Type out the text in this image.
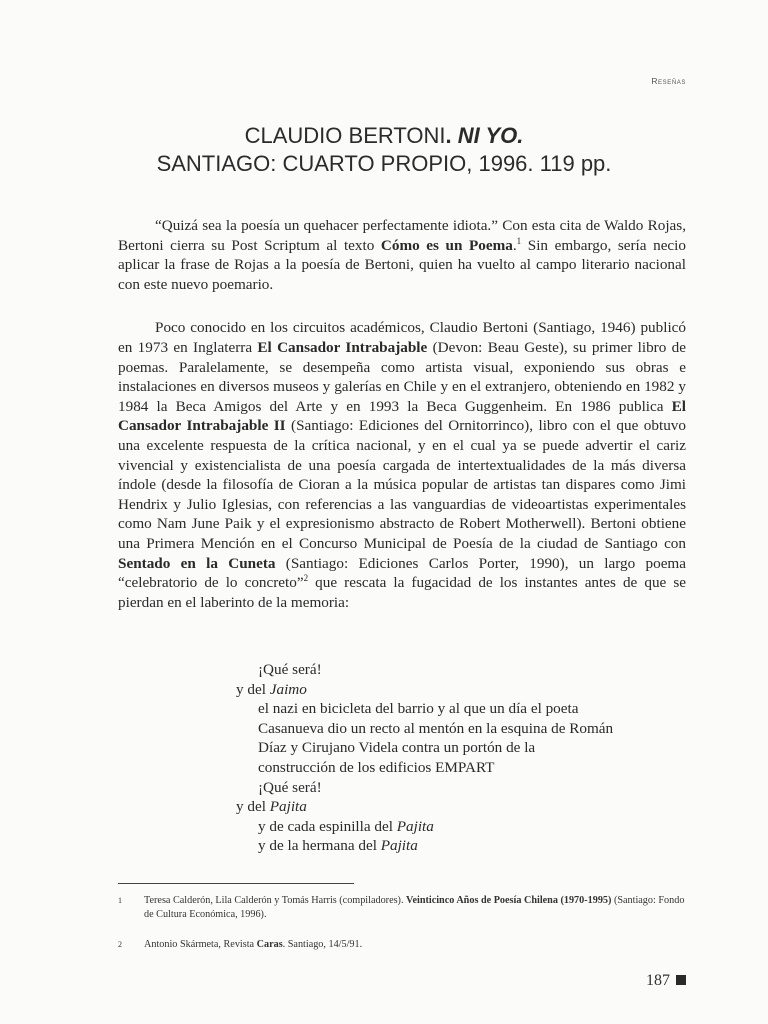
Reseñas
CLAUDIO BERTONI. NI YO.
SANTIAGO: CUARTO PROPIO, 1996. 119 pp.

“Quizá sea la poesía un quehacer perfectamente idiota.” Con esta cita de Waldo Rojas, Bertoni cierra su Post Scriptum al texto Cómo es un Poema.$^1$ Sin embargo, sería necio aplicar la frase de Rojas a la poesía de Bertoni, quien ha vuelto al campo literario nacional con este nuevo poemario.

Poco conocido en los circuitos académicos, Claudio Bertoni (Santiago, 1946) publicó en 1973 en Inglaterra El Cansador Intrabajable (Devon: Beau Geste), su primer libro de poemas. Paralelamente, se desempeña como artista visual, exponiendo sus obras e instalaciones en diversos museos y galerías en Chile y en el extranjero, obteniendo en 1982 y 1984 la Beca Amigos del Arte y en 1993 la Beca Guggenheim. En 1986 publica El Cansador Intrabajable II (Santiago: Ediciones del Ornitorrinco), libro con el que obtuvo una excelente respuesta de la crítica nacional, y en el cual ya se puede advertir el cariz vivencial y existencialista de una poesía cargada de intertextualidades de la más diversa índole (desde la filosofía de Cioran a la música popular de artistas tan dispares como Jimi Hendrix y Julio Iglesias, con referencias a las vanguardias de videoartistas experimentales como Nam June Paik y el expresionismo abstracto de Robert Motherwell). Bertoni obtiene una Primera Mención en el Concurso Municipal de Poesía de la ciudad de Santiago con Sentado en la Cuneta (Santiago: Ediciones Carlos Porter, 1990), un largo poema “celebratorio de lo concreto”$^2$ que rescata la fugacidad de los instantes antes de que se pierdan en el laberinto de la memoria:

¡Qué será!
y del Jaimo
el nazi en bicicleta del barrio y al que un día el poeta
Casanueva dio un recto al mentón en la esquina de Román
Díaz y Cirujano Videla contra un portón de la
construcción de los edificios EMPART
¡Qué será!
y del Pajita
y de cada espinilla del Pajita
y de la hermana del Pajita
1	Teresa Calderón, Lila Calderón y Tomás Harris (compiladores). Veinticinco Años de Poesía Chilena (1970-1995) (Santiago: Fondo de Cultura Económica, 1996).
2	Antonio Skármeta, Revista Caras. Santiago, 14/5/91.
187
